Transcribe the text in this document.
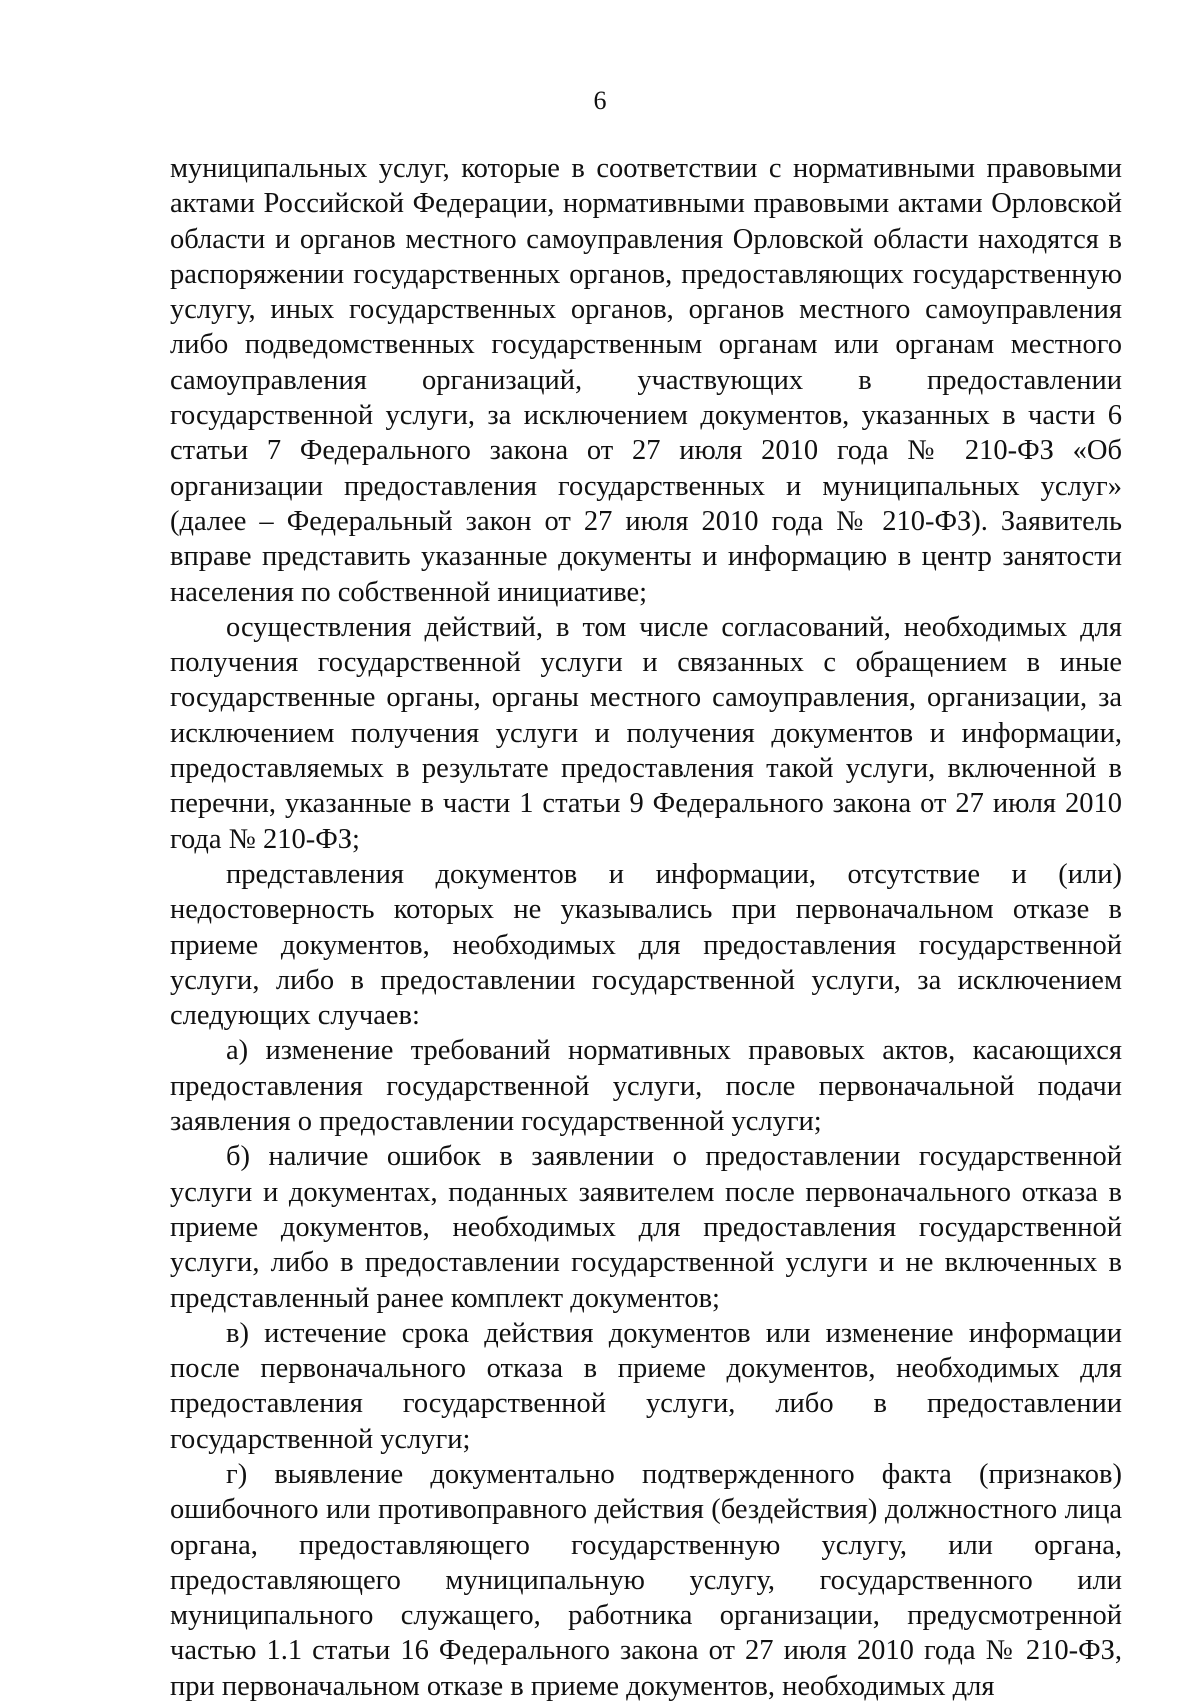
6

муниципальных услуг, которые в соответствии с нормативными правовыми актами Российской Федерации, нормативными правовыми актами Орловской области и органов местного самоуправления Орловской области находятся в распоряжении государственных органов, предоставляющих государственную услугу, иных государственных органов, органов местного самоуправления либо подведомственных государственным органам или органам местного самоуправления организаций, участвующих в предоставлении государственной услуги, за исключением документов, указанных в части 6 статьи 7 Федерального закона от 27 июля 2010 года № 210-ФЗ «Об организации предоставления государственных и муниципальных услуг» (далее – Федеральный закон от 27 июля 2010 года № 210-ФЗ). Заявитель вправе представить указанные документы и информацию в центр занятости населения по собственной инициативе;

осуществления действий, в том числе согласований, необходимых для получения государственной услуги и связанных с обращением в иные государственные органы, органы местного самоуправления, организации, за исключением получения услуги и получения документов и информации, предоставляемых в результате предоставления такой услуги, включенной в перечни, указанные в части 1 статьи 9 Федерального закона от 27 июля 2010 года № 210-ФЗ;

представления документов и информации, отсутствие и (или) недостоверность которых не указывались при первоначальном отказе в приеме документов, необходимых для предоставления государственной услуги, либо в предоставлении государственной услуги, за исключением следующих случаев:

а) изменение требований нормативных правовых актов, касающихся предоставления государственной услуги, после первоначальной подачи заявления о предоставлении государственной услуги;

б) наличие ошибок в заявлении о предоставлении государственной услуги и документах, поданных заявителем после первоначального отказа в приеме документов, необходимых для предоставления государственной услуги, либо в предоставлении государственной услуги и не включенных в представленный ранее комплект документов;

в) истечение срока действия документов или изменение информации после первоначального отказа в приеме документов, необходимых для предоставления государственной услуги, либо в предоставлении государственной услуги;

г) выявление документально подтвержденного факта (признаков) ошибочного или противоправного действия (бездействия) должностного лица органа, предоставляющего государственную услугу, или органа, предоставляющего муниципальную услугу, государственного или муниципального служащего, работника организации, предусмотренной частью 1.1 статьи 16 Федерального закона от 27 июля 2010 года № 210-ФЗ, при первоначальном отказе в приеме документов, необходимых для
